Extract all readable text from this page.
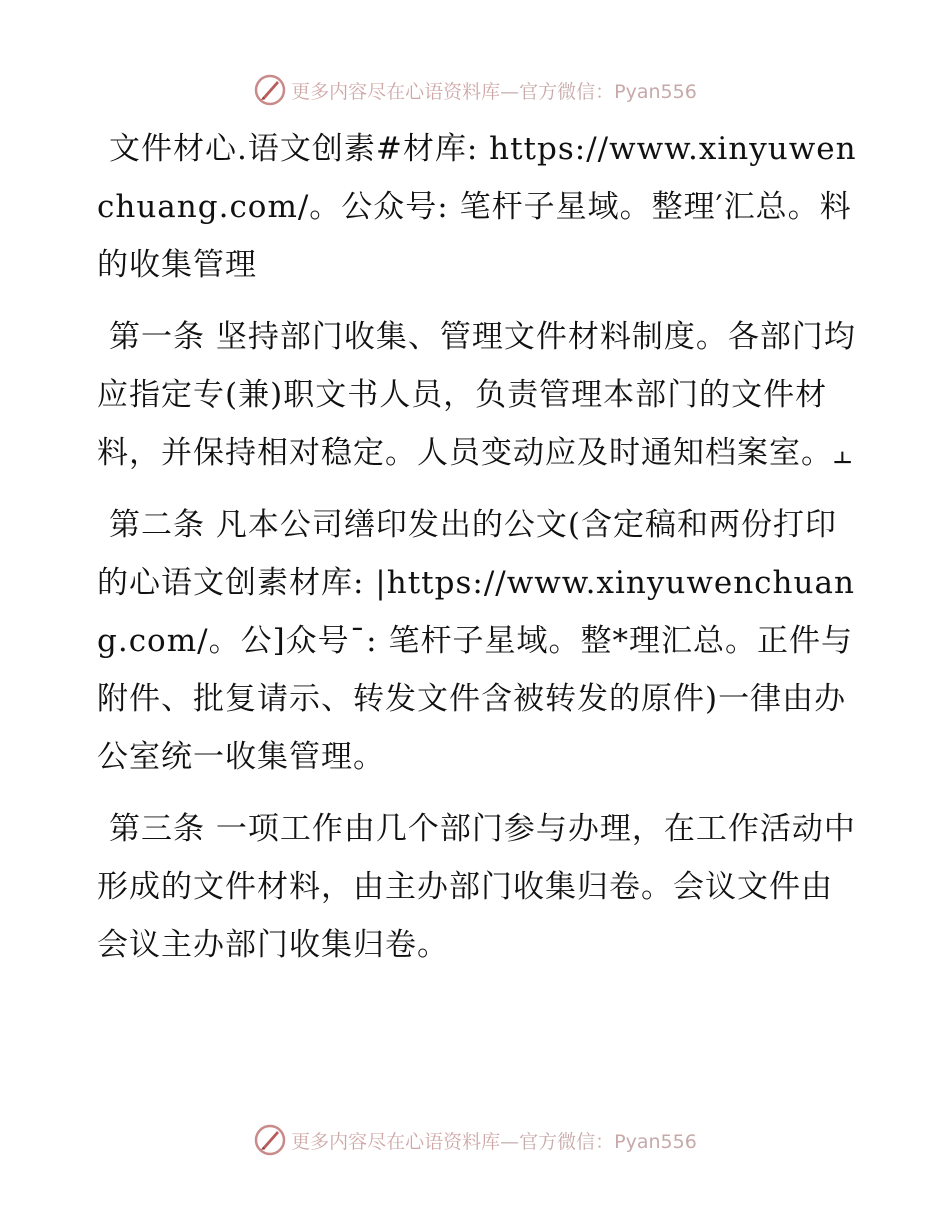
更多内容尽在心语资料库—官方微信：Pyan556

文件材心.语文创素#材库: https://www.xinyuwenchuang.com/。公众号: 笔杆子星域。整理′汇总。料的收集管理

第一条 坚持部门收集、管理文件材料制度。各部门均应指定专(兼)职文书人员，负责管理本部门的文件材料，并保持相对稳定。人员变动应及时通知档案室。⫠

第二条 凡本公司缮印发出的公文(含定稿和两份打印的心语文创素材库: |https://www.xinyuwenchuang.com/。公]众号¯: 笔杆子星域。整*理汇总。正件与附件、批复请示、转发文件含被转发的原件)一律由办公室统一收集管理。

第三条 一项工作由几个部门参与办理，在工作活动中形成的文件材料，由主办部门收集归卷。会议文件由会议主办部门收集归卷。

更多内容尽在心语资料库—官方微信：Pyan556
